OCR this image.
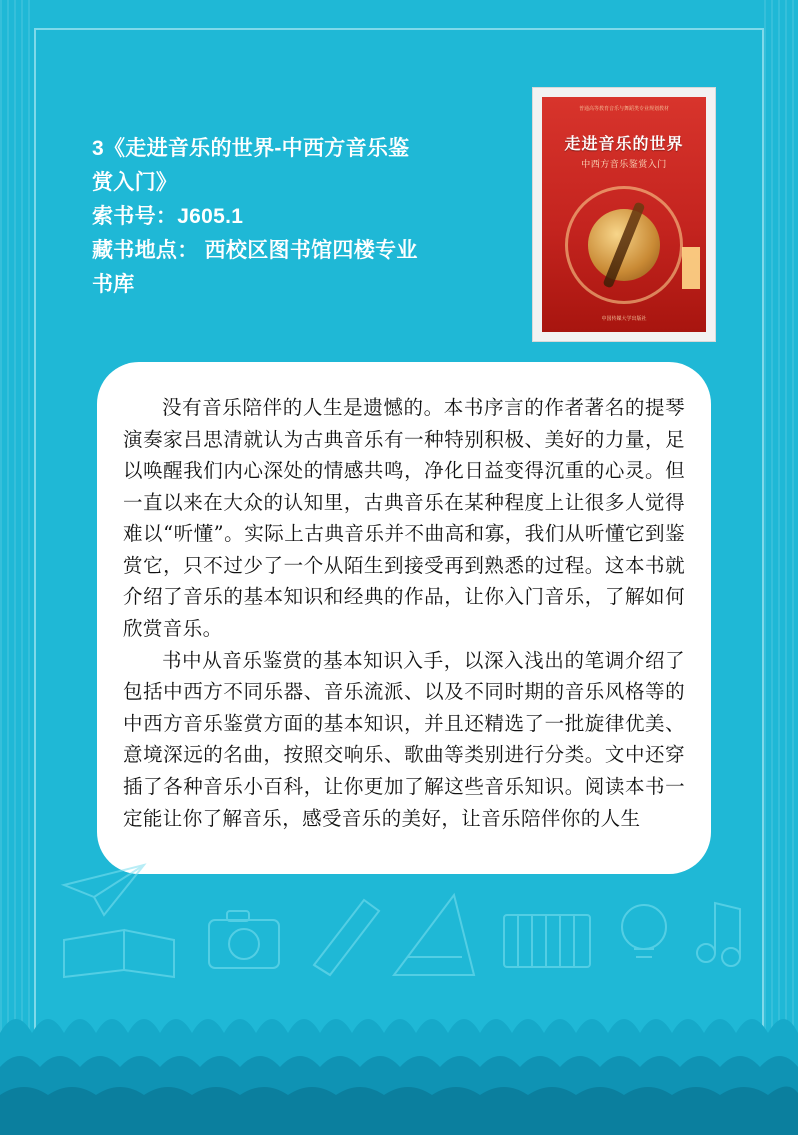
3《走进音乐的世界-中西方音乐鉴
赏入门》
索书号：J605.1
藏书地点： 西校区图书馆四楼专业
书库
普通高等教育音乐与舞蹈类专业规划教材
走进音乐的世界
中西方音乐鉴赏入门
中国传媒大学出版社

没有音乐陪伴的人生是遗憾的。本书序言的作者著名的提琴演奏家吕思清就认为古典音乐有一种特别积极、美好的力量，足以唤醒我们内心深处的情感共鸣，净化日益变得沉重的心灵。但一直以来在大众的认知里，古典音乐在某种程度上让很多人觉得难以“听懂”。实际上古典音乐并不曲高和寡，我们从听懂它到鉴赏它，只不过少了一个从陌生到接受再到熟悉的过程。这本书就介绍了音乐的基本知识和经典的作品，让你入门音乐，了解如何欣赏音乐。

书中从音乐鉴赏的基本知识入手，以深入浅出的笔调介绍了包括中西方不同乐器、音乐流派、以及不同时期的音乐风格等的中西方音乐鉴赏方面的基本知识，并且还精选了一批旋律优美、意境深远的名曲，按照交响乐、歌曲等类别进行分类。文中还穿插了各种音乐小百科，让你更加了解这些音乐知识。阅读本书一定能让你了解音乐，感受音乐的美好，让音乐陪伴你的人生
